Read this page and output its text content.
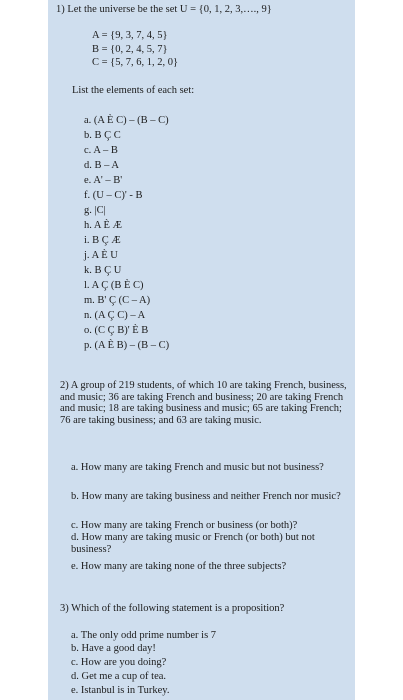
1) Let the universe be the set U = {0, 1, 2, 3,…., 9}
A = {9, 3, 7, 4, 5}
B = {0, 2, 4, 5, 7}
C = {5, 7, 6, 1, 2, 0}
List the elements of each set:
a. (A È C) – (B – C)
b. B Ç C
c. A – B
d. B – A
e. A' – B'
f. (U – C)' - B
g. |C|
h. A È Æ
i. B Ç Æ
j. A È U
k. B Ç U
l. A Ç (B È C)
m. B' Ç (C – A)
n. (A Ç C) – A
o. (C Ç B)' È B
p. (A È B) – (B – C)
2) A group of 219 students, of which 10 are taking French, business, and music; 36 are taking French and business; 20 are taking French and music; 18 are taking business and music; 65 are taking French; 76 are taking business; and 63 are taking music.
a. How many are taking French and music but not business?
b. How many are taking business and neither French nor music?
c. How many are taking French or business (or both)?
d. How many are taking music or French (or both) but not business?
e. How many are taking none of the three subjects?
3) Which of the following statement is a proposition?
a. The only odd prime number is 7
b. Have a good day!
c. How are you doing?
d. Get me a cup of tea.
e. Istanbul is in Turkey.
